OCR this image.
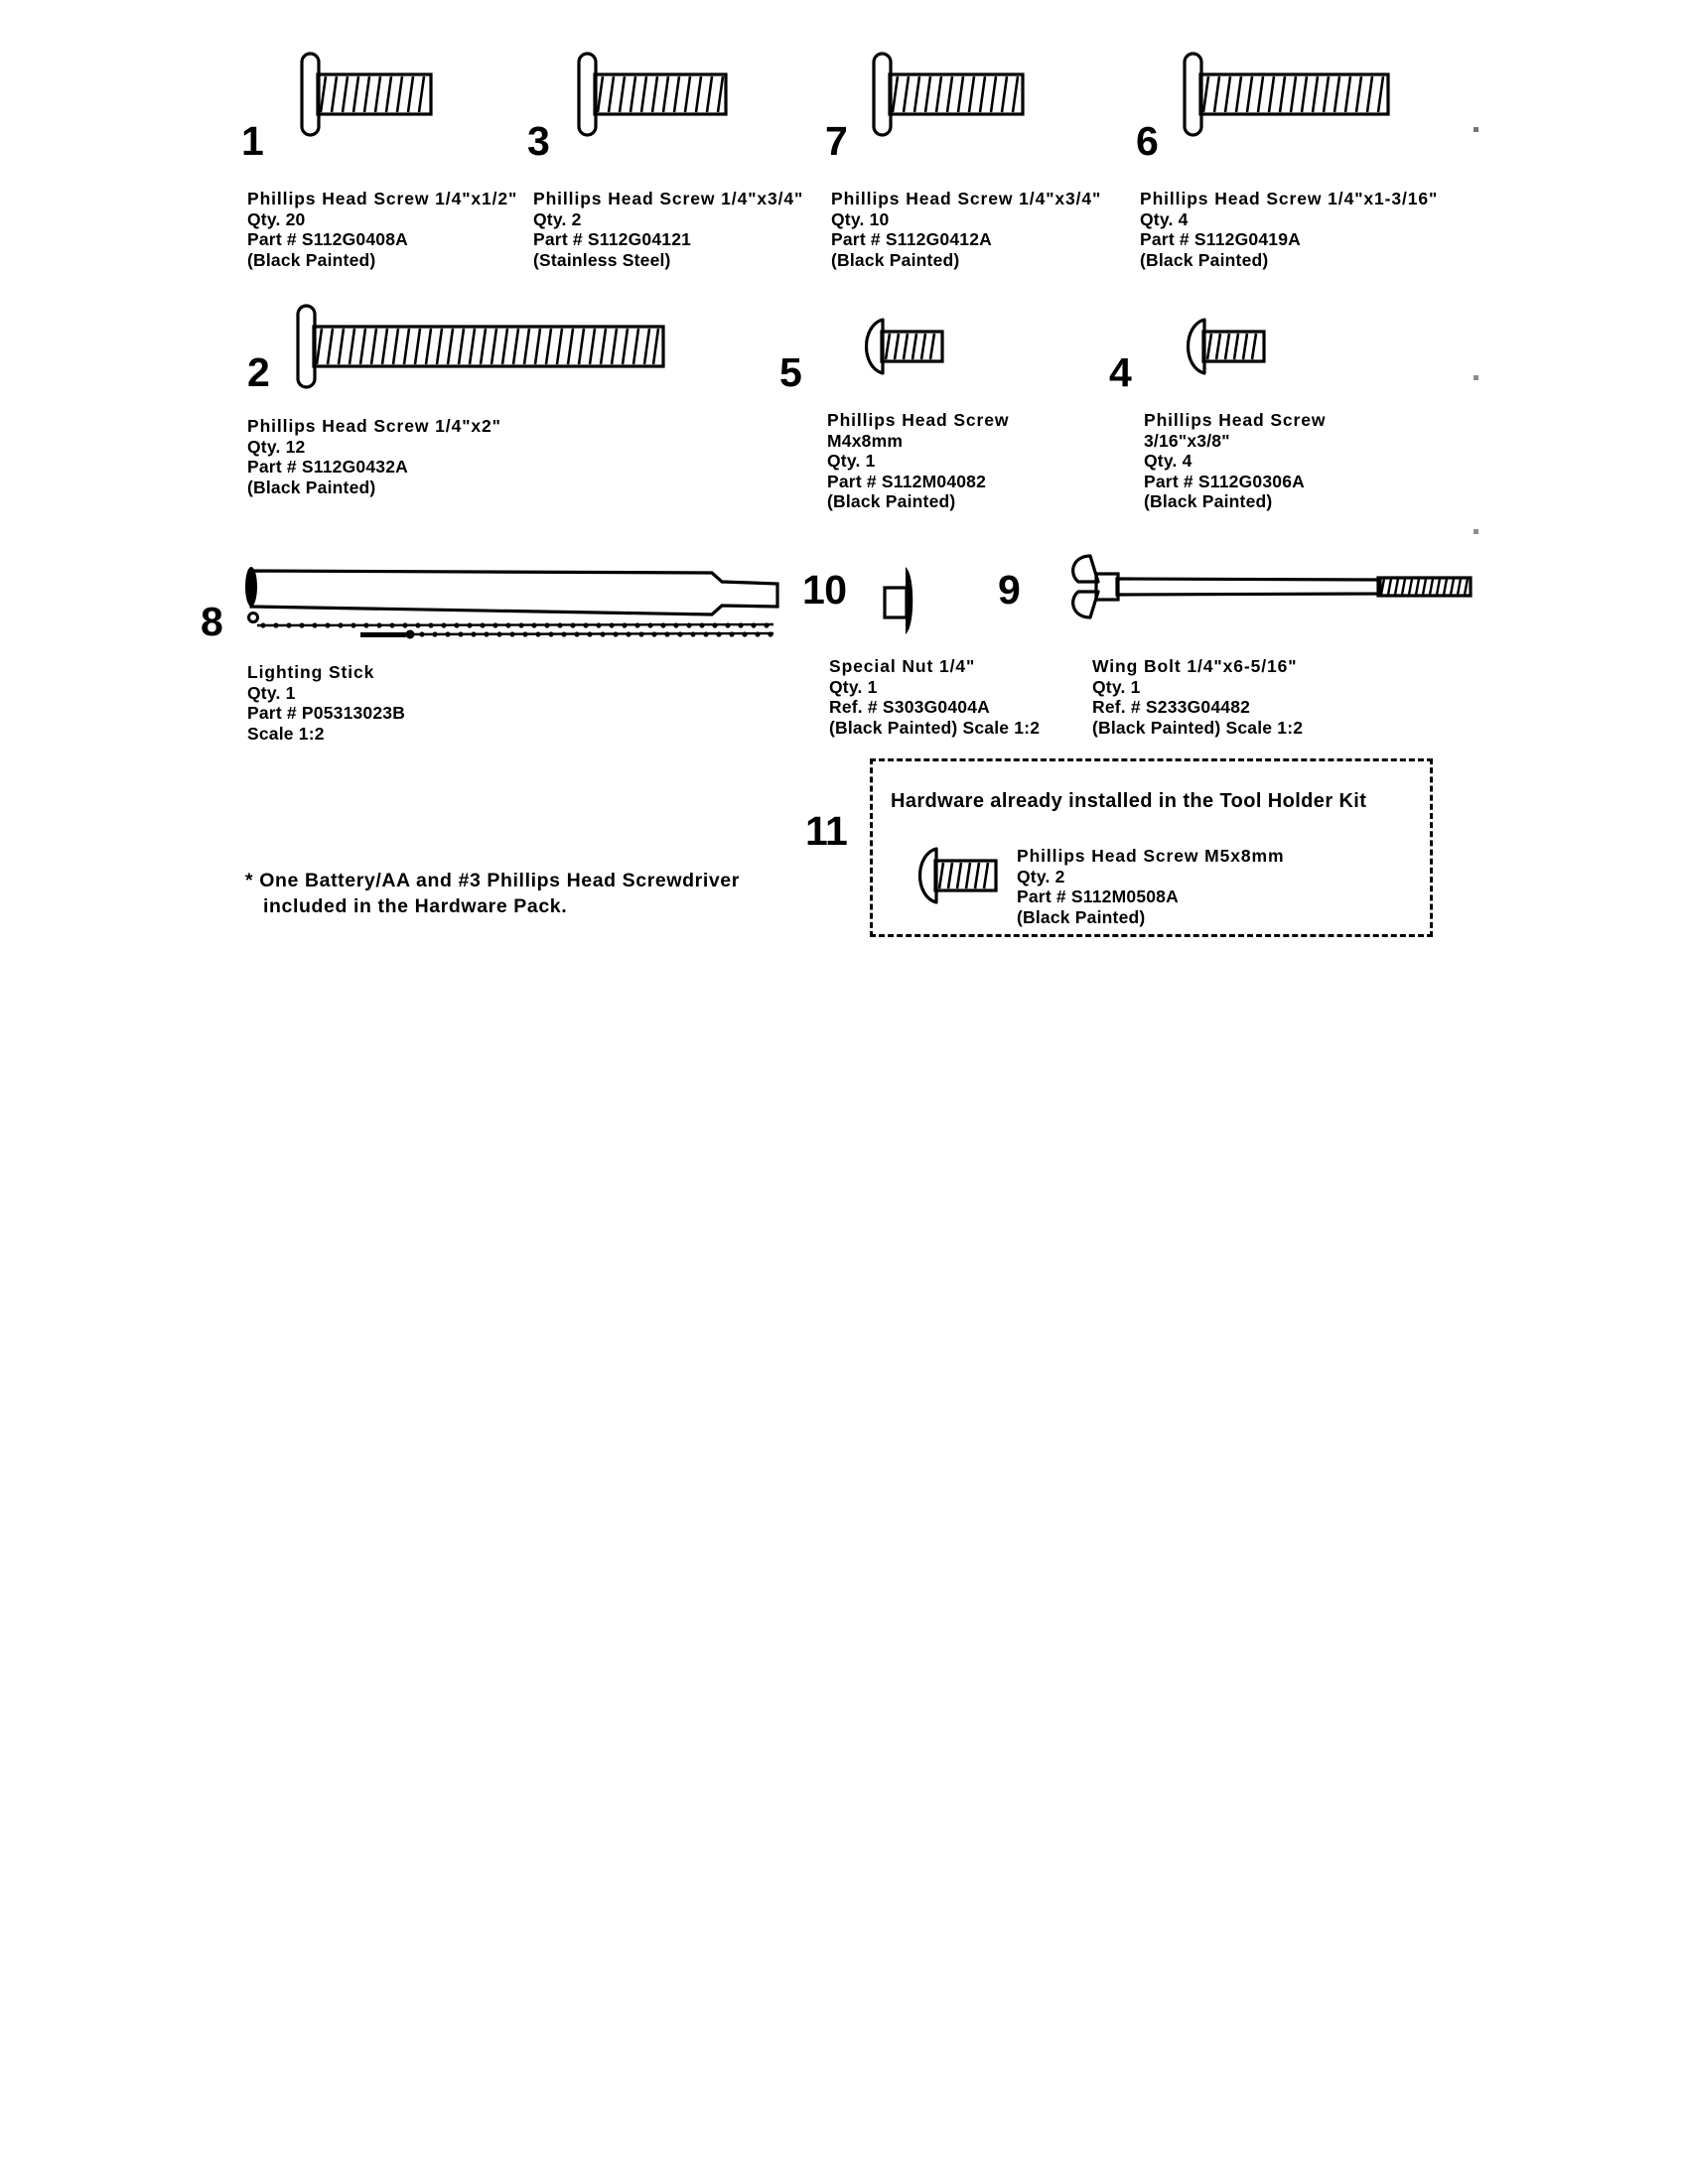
1
Phillips Head Screw 1/4"x1/2"
Qty. 20
Part # S112G0408A
(Black Painted)
3
Phillips Head Screw 1/4"x3/4"
Qty. 2
Part # S112G04121
(Stainless Steel)
7
Phillips Head Screw 1/4"x3/4"
Qty. 10
Part # S112G0412A
(Black Painted)
6
Phillips Head Screw 1/4"x1-3/16"
Qty. 4
Part # S112G0419A
(Black Painted)
2
Phillips Head Screw 1/4"x2"
Qty. 12
Part # S112G0432A
(Black Painted)
5
Phillips Head Screw
M4x8mm
Qty. 1
Part # S112M04082
(Black Painted)
4
Phillips Head Screw
3/16"x3/8"
Qty. 4
Part # S112G0306A
(Black Painted)
8
Lighting Stick
Qty. 1
Part # P05313023B
Scale 1:2
10
Special Nut 1/4"
Qty. 1
Ref. # S303G0404A
(Black Painted) Scale 1:2
9
Wing Bolt 1/4"x6-5/16"
Qty. 1
Ref. # S233G04482
(Black Painted) Scale 1:2
11
Hardware already installed in the Tool Holder Kit
Phillips Head Screw M5x8mm
Qty. 2
Part # S112M0508A
(Black Painted)
* One Battery/AA and #3 Phillips Head Screwdriver
included in the Hardware Pack.
